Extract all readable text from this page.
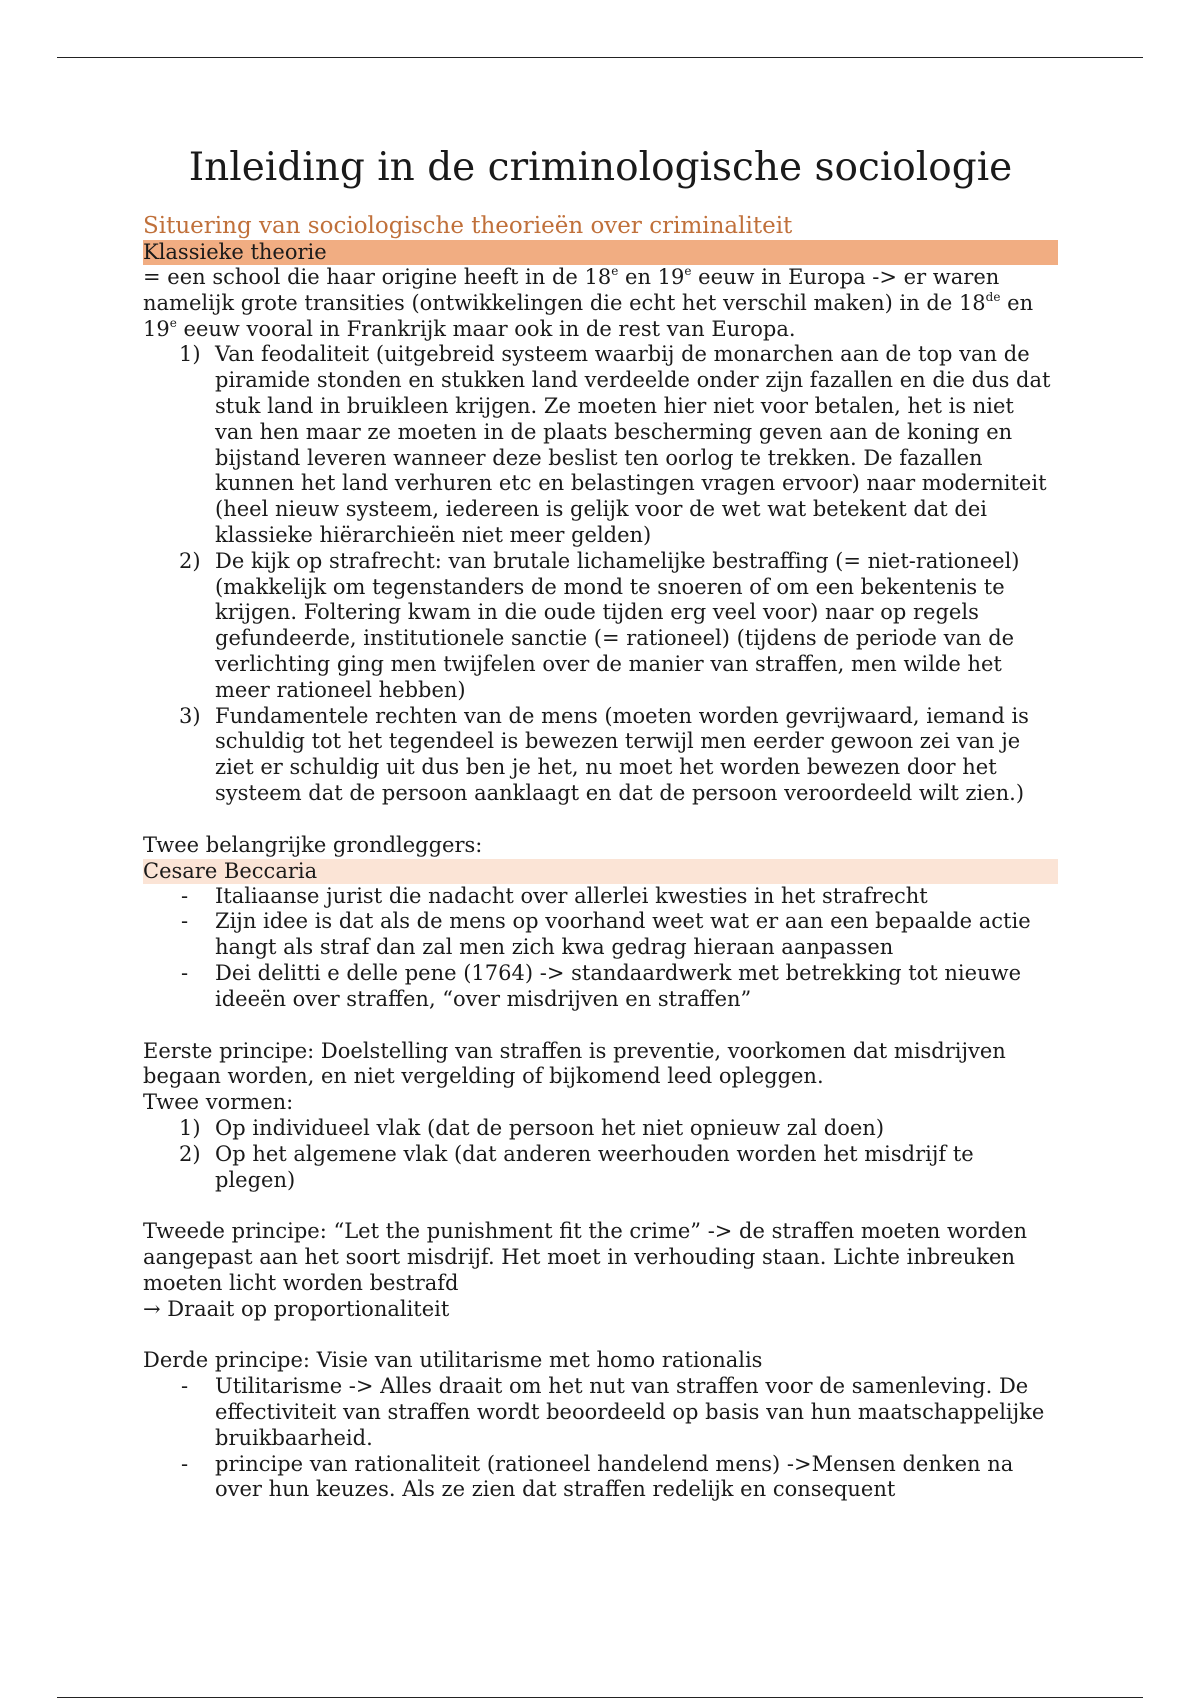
Inleiding in de criminologische sociologie
Situering van sociologische theorieën over criminaliteit
Klassieke theorie

= een school die haar origine heeft in de 18e en 19e eeuw in Europa -> er waren namelijk grote transities (ontwikkelingen die echt het verschil maken) in de 18de en 19e eeuw vooral in Frankrijk maar ook in de rest van Europa.

1) Van feodaliteit (uitgebreid systeem waarbij de monarchen aan de top van de piramide stonden en stukken land verdeelde onder zijn fazallen en die dus dat stuk land in bruikleen krijgen. Ze moeten hier niet voor betalen, het is niet van hen maar ze moeten in de plaats bescherming geven aan de koning en bijstand leveren wanneer deze beslist ten oorlog te trekken. De fazallen kunnen het land verhuren etc en belastingen vragen ervoor) naar moderniteit (heel nieuw systeem, iedereen is gelijk voor de wet wat betekent dat dei klassieke hiërarchieën niet meer gelden)
2) De kijk op strafrecht: van brutale lichamelijke bestraffing (= niet-rationeel) (makkelijk om tegenstanders de mond te snoeren of om een bekentenis te krijgen. Foltering kwam in die oude tijden erg veel voor) naar op regels gefundeerde, institutionele sanctie (= rationeel) (tijdens de periode van de verlichting ging men twijfelen over de manier van straffen, men wilde het meer rationeel hebben)
3) Fundamentele rechten van de mens (moeten worden gevrijwaard, iemand is schuldig tot het tegendeel is bewezen terwijl men eerder gewoon zei van je ziet er schuldig uit dus ben je het, nu moet het worden bewezen door het systeem dat de persoon aanklaagt en dat de persoon veroordeeld wilt zien.)

Twee belangrijke grondleggers:

Cesare Beccaria
-	Italiaanse jurist die nadacht over allerlei kwesties in het strafrecht
-	Zijn idee is dat als de mens op voorhand weet wat er aan een bepaalde actie hangt als straf dan zal men zich kwa gedrag hieraan aanpassen
-	Dei delitti e delle pene (1764) -> standaardwerk met betrekking tot nieuwe ideeën over straffen, “over misdrijven en straffen”

Eerste principe: Doelstelling van straffen is preventie, voorkomen dat misdrijven begaan worden, en niet vergelding of bijkomend leed opleggen.

Twee vormen:

1) Op individueel vlak (dat de persoon het niet opnieuw zal doen)
2) Op het algemene vlak (dat anderen weerhouden worden het misdrijf te plegen)

Tweede principe: “Let the punishment fit the crime” -> de straffen moeten worden aangepast aan het soort misdrijf. Het moet in verhouding staan. Lichte inbreuken moeten licht worden bestrafd

→ Draait op proportionaliteit

Derde principe: Visie van utilitarisme met homo rationalis

-	Utilitarisme -> Alles draait om het nut van straffen voor de samenleving. De effectiviteit van straffen wordt beoordeeld op basis van hun maatschappelijke bruikbaarheid.
-	principe van rationaliteit (rationeel handelend mens) ->Mensen denken na over hun keuzes. Als ze zien dat straffen redelijk en consequent
